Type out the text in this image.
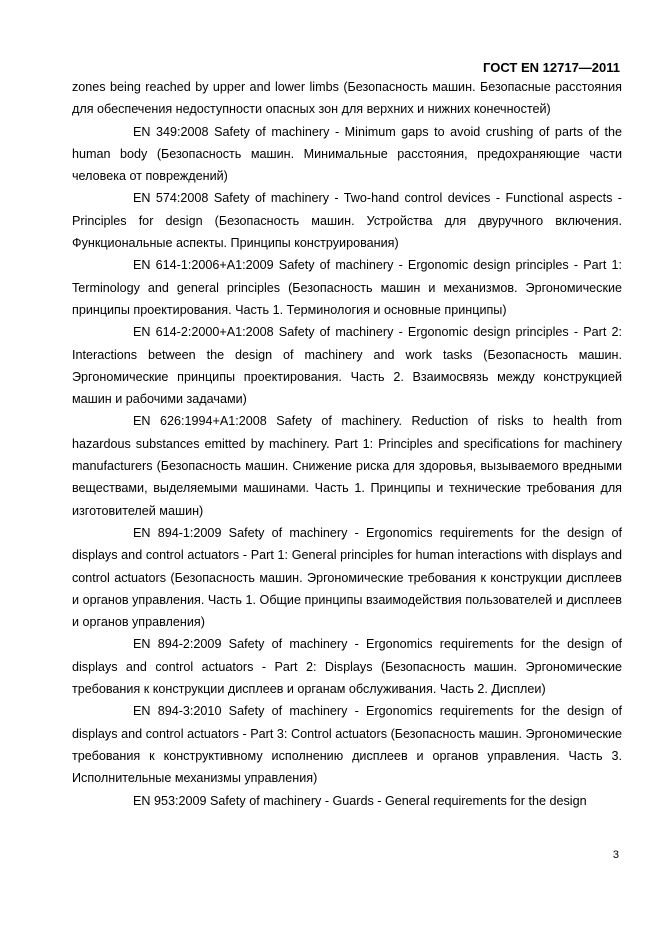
ГОСТ EN 12717—2011

zones being reached by upper and lower limbs (Безопасность машин. Безопасные расстояния для обеспечения недоступности опасных зон для верхних и нижних конечностей)

EN 349:2008 Safety of machinery - Minimum gaps to avoid crushing of parts of the human body (Безопасность машин. Минимальные расстояния, предохраняющие части человека от повреждений)

EN 574:2008 Safety of machinery - Two-hand control devices - Functional aspects - Principles for design (Безопасность машин. Устройства для двуручного включения. Функциональные аспекты. Принципы конструирования)

EN 614-1:2006+A1:2009 Safety of machinery - Ergonomic design principles - Part 1: Terminology and general principles (Безопасность машин и механизмов. Эргономические принципы проектирования. Часть 1. Терминология и основные принципы)

EN 614-2:2000+A1:2008 Safety of machinery - Ergonomic design principles - Part 2: Interactions between the design of machinery and work tasks (Безопасность машин. Эргономические принципы проектирования. Часть 2. Взаимосвязь между конструкцией машин и рабочими задачами)

EN 626:1994+A1:2008 Safety of machinery. Reduction of risks to health from hazardous substances emitted by machinery. Part 1: Principles and specifications for machinery manufacturers (Безопасность машин. Снижение риска для здоровья, вызываемого вредными веществами, выделяемыми машинами. Часть 1. Принципы и технические требования для изготовителей машин)

EN 894-1:2009 Safety of machinery - Ergonomics requirements for the design of displays and control actuators - Part 1: General principles for human interactions with displays and control actuators (Безопасность машин. Эргономические требования к конструкции дисплеев и органов управления. Часть 1. Общие принципы взаимодействия пользователей и дисплеев и органов управления)

EN 894-2:2009 Safety of machinery - Ergonomics requirements for the design of displays and control actuators - Part 2: Displays (Безопасность машин. Эргономические требования к конструкции дисплеев и органам обслуживания. Часть 2. Дисплеи)

EN 894-3:2010 Safety of machinery - Ergonomics requirements for the design of displays and control actuators - Part 3: Control actuators (Безопасность машин. Эргономические требования к конструктивному исполнению дисплеев и органов управления. Часть 3. Исполнительные механизмы управления)

EN 953:2009 Safety of machinery - Guards - General requirements for the design

3
